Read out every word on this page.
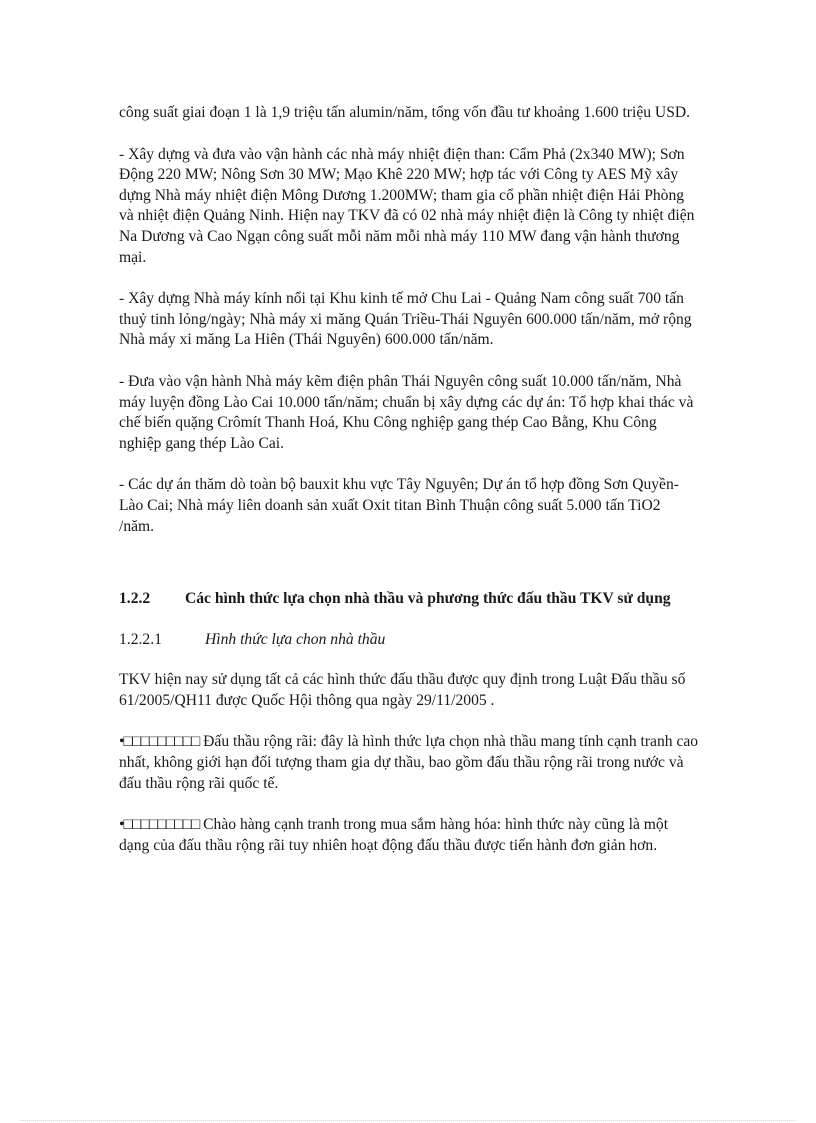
công suất giai đoạn 1 là 1,9 triệu tấn alumin/năm, tổng vốn đầu tư khoảng 1.600 triệu USD.

- Xây dựng và đưa vào vận hành các nhà máy nhiệt điện than: Cẩm Phả (2x340 MW); Sơn Động 220 MW; Nông Sơn 30 MW; Mạo Khê 220 MW; hợp tác với Công ty AES Mỹ xây dựng Nhà máy nhiệt điện Mông Dương 1.200MW; tham gia cổ phần nhiệt điện Hải Phòng và nhiệt điện Quảng Ninh. Hiện nay TKV đã có 02 nhà máy nhiệt điện là Công ty nhiệt điện Na Dương và Cao Ngạn công suất mỗi năm mỗi nhà máy 110 MW đang vận hành thương mại.

- Xây dựng Nhà máy kính nổi tại Khu kinh tế mở Chu Lai - Quảng Nam công suất 700 tấn thuỷ tinh lỏng/ngày; Nhà máy xi măng Quán Triều-Thái Nguyên 600.000 tấn/năm, mở rộng Nhà máy xi măng La Hiên (Thái Nguyên) 600.000 tấn/năm.

- Đưa vào vận hành Nhà máy kẽm điện phân Thái Nguyên công suất 10.000 tấn/năm, Nhà máy luyện đồng Lào Cai 10.000 tấn/năm; chuẩn bị xây dựng các dự án: Tổ hợp khai thác và chế biến quặng Crômít Thanh Hoá, Khu Công nghiệp gang thép Cao Bằng, Khu Công nghiệp gang thép Lào Cai.

- Các dự án thăm dò toàn bộ bauxit khu vực Tây Nguyên; Dự án tổ hợp đồng Sơn Quyền- Lào Cai; Nhà máy liên doanh sản xuất Oxit titan Bình Thuận công suất 5.000 tấn TiO2 /năm.

1.2.2 Các hình thức lựa chọn nhà thầu và phương thức đấu thầu TKV sử dụng
1.2.2.1	Hình thức lựa chon nhà thầu

TKV hiện nay sử dụng tất cả các hình thức đấu thầu được quy định trong Luật Đấu thầu số 61/2005/QH11 được Quốc Hội thông qua ngày 29/11/2005 .

•□□□□□□□□□ Đấu thầu rộng rãi: đây là hình thức lựa chọn nhà thầu mang tính cạnh tranh cao nhất, không giới hạn đối tượng tham gia dự thầu, bao gồm đấu thầu rộng rãi trong nước và đấu thầu rộng rãi quốc tế.

•□□□□□□□□□ Chào hàng cạnh tranh trong mua sắm hàng hóa: hình thức này cũng là một dạng của đấu thầu rộng rãi tuy nhiên hoạt động đấu thầu được tiến hành đơn giản hơn.
